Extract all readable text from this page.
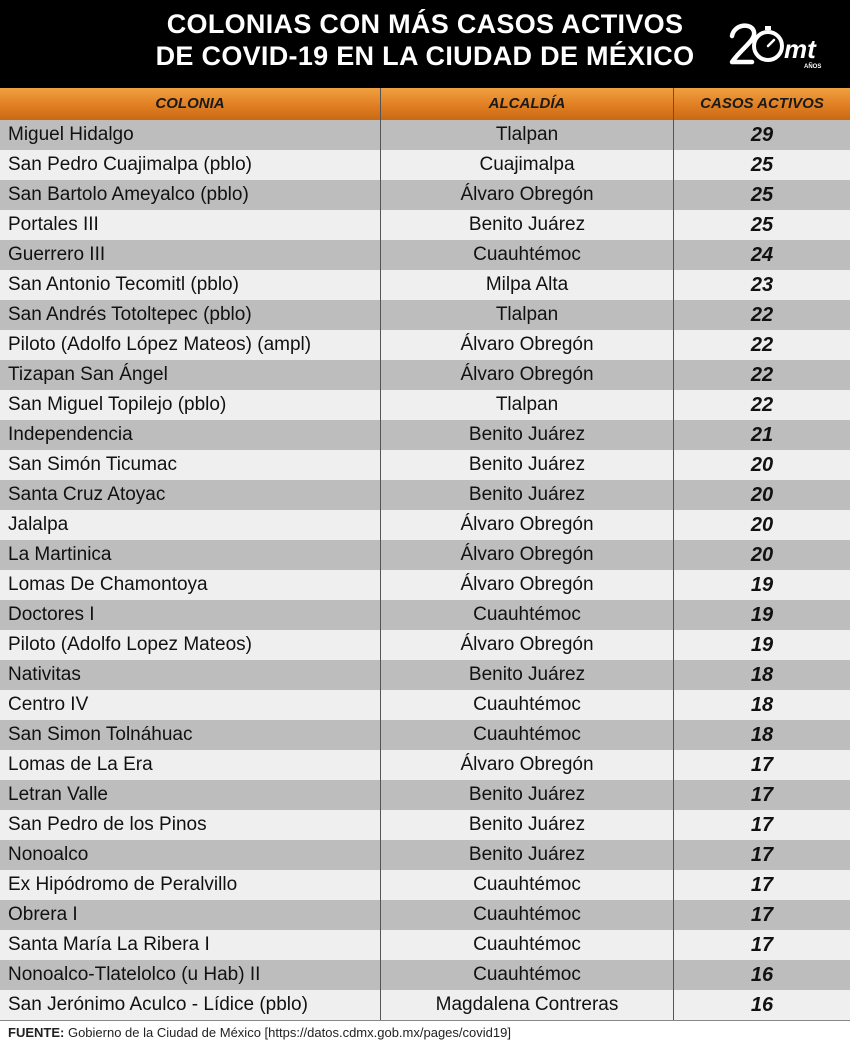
COLONIAS CON MÁS CASOS ACTIVOS
DE COVID-19 EN LA CIUDAD DE MÉXICO	mt
AÑOS
COLONIA	ALCALDÍA	CASOS ACTIVOS
Miguel Hidalgo	Tlalpan	29
San Pedro Cuajimalpa (pblo)	Cuajimalpa	25
San Bartolo Ameyalco (pblo)	Álvaro Obregón	25
Portales III	Benito Juárez	25
Guerrero III	Cuauhtémoc	24
San Antonio Tecomitl (pblo)	Milpa Alta	23
San Andrés Totoltepec (pblo)	Tlalpan	22
Piloto (Adolfo López Mateos) (ampl)	Álvaro Obregón	22
Tizapan San Ángel	Álvaro Obregón	22
San Miguel Topilejo (pblo)	Tlalpan	22
Independencia	Benito Juárez	21
San Simón Ticumac	Benito Juárez	20
Santa Cruz Atoyac	Benito Juárez	20
Jalalpa	Álvaro Obregón	20
La Martinica	Álvaro Obregón	20
Lomas De Chamontoya	Álvaro Obregón	19
Doctores I	Cuauhtémoc	19
Piloto (Adolfo Lopez Mateos)	Álvaro Obregón	19
Nativitas	Benito Juárez	18
Centro IV	Cuauhtémoc	18
San Simon Tolnáhuac	Cuauhtémoc	18
Lomas de La Era	Álvaro Obregón	17
Letran Valle	Benito Juárez	17
San Pedro de los Pinos	Benito Juárez	17
Nonoalco	Benito Juárez	17
Ex Hipódromo de Peralvillo	Cuauhtémoc	17
Obrera I	Cuauhtémoc	17
Santa María La Ribera I	Cuauhtémoc	17
Nonoalco-Tlatelolco (u Hab) II	Cuauhtémoc	16
San Jerónimo Aculco - Lídice (pblo)	Magdalena Contreras	16
FUENTE: Gobierno de la Ciudad de México [https://datos.cdmx.gob.mx/pages/covid19]
